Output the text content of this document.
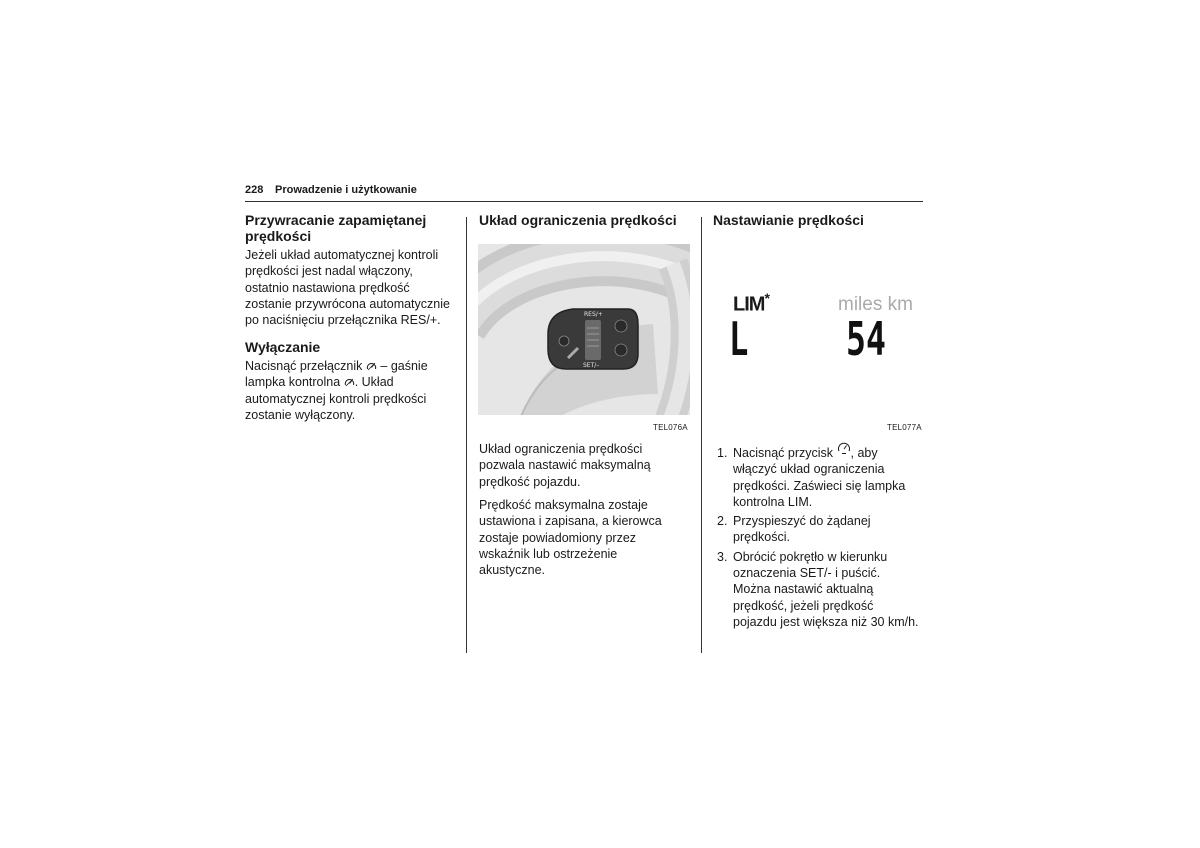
228 Prowadzenie i użytkowanie
Przywracanie zapamiętanej prędkości
Jeżeli układ automatycznej kontroli
prędkości jest nadal włączony,
ostatnio nastawiona prędkość
zostanie przywrócona automatycznie
po naciśnięciu przełącznika RES/+.
Wyłączanie
Nacisnąć przełącznik – gaśnie
lampka kontrolna . Układ
automatycznej kontroli prędkości
zostanie wyłączony.
Układ ograniczenia prędkości
RES/+
SET/–
TEL076A
Układ ograniczenia prędkości
pozwala nastawić maksymalną
prędkość pojazdu.
Prędkość maksymalna zostaje
ustawiona i zapisana, a kierowca
zostaje powiadomiony przez
wskaźnik lub ostrzeżenie
akustyczne.
Nastawianie prędkości
LIM*
L
miles km
54
TEL077A
1. Nacisnąć przycisk , aby
włączyć układ ograniczenia
prędkości. Zaświeci się lampka
kontrolna LIM.
2. Przyspieszyć do żądanej
prędkości.
3. Obrócić pokrętło w kierunku
oznaczenia SET/- i puścić.
Można nastawić aktualną
prędkość, jeżeli prędkość
pojazdu jest większa niż 30 km/h.
